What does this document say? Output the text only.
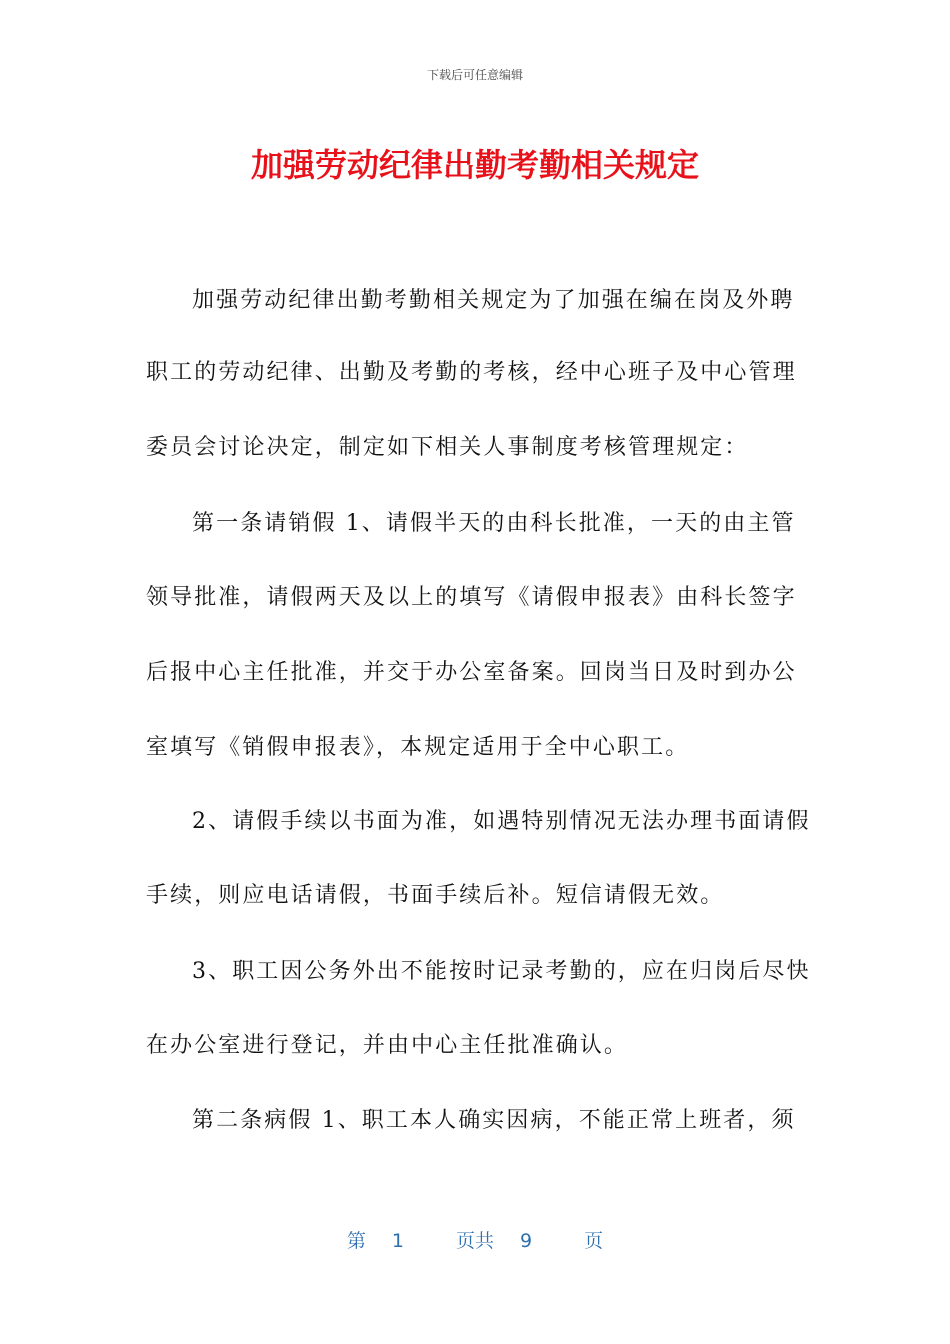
下载后可任意编辑
加强劳动纪律出勤考勤相关规定
加强劳动纪律出勤考勤相关规定为了加强在编在岗及外聘
职工的劳动纪律、出勤及考勤的考核，经中心班子及中心管理
委员会讨论决定，制定如下相关人事制度考核管理规定：
第一条请销假 1、请假半天的由科长批准，一天的由主管
领导批准，请假两天及以上的填写《请假申报表》由科长签字
后报中心主任批准，并交于办公室备案。回岗当日及时到办公
室填写《销假申报表》，本规定适用于全中心职工。
2、请假手续以书面为准，如遇特别情况无法办理书面请假
手续，则应电话请假，书面手续后补。短信请假无效。
3、职工因公务外出不能按时记录考勤的，应在归岗后尽快
在办公室进行登记，并由中心主任批准确认。
第二条病假 1、职工本人确实因病，不能正常上班者，须
第 1	页共 9	页
